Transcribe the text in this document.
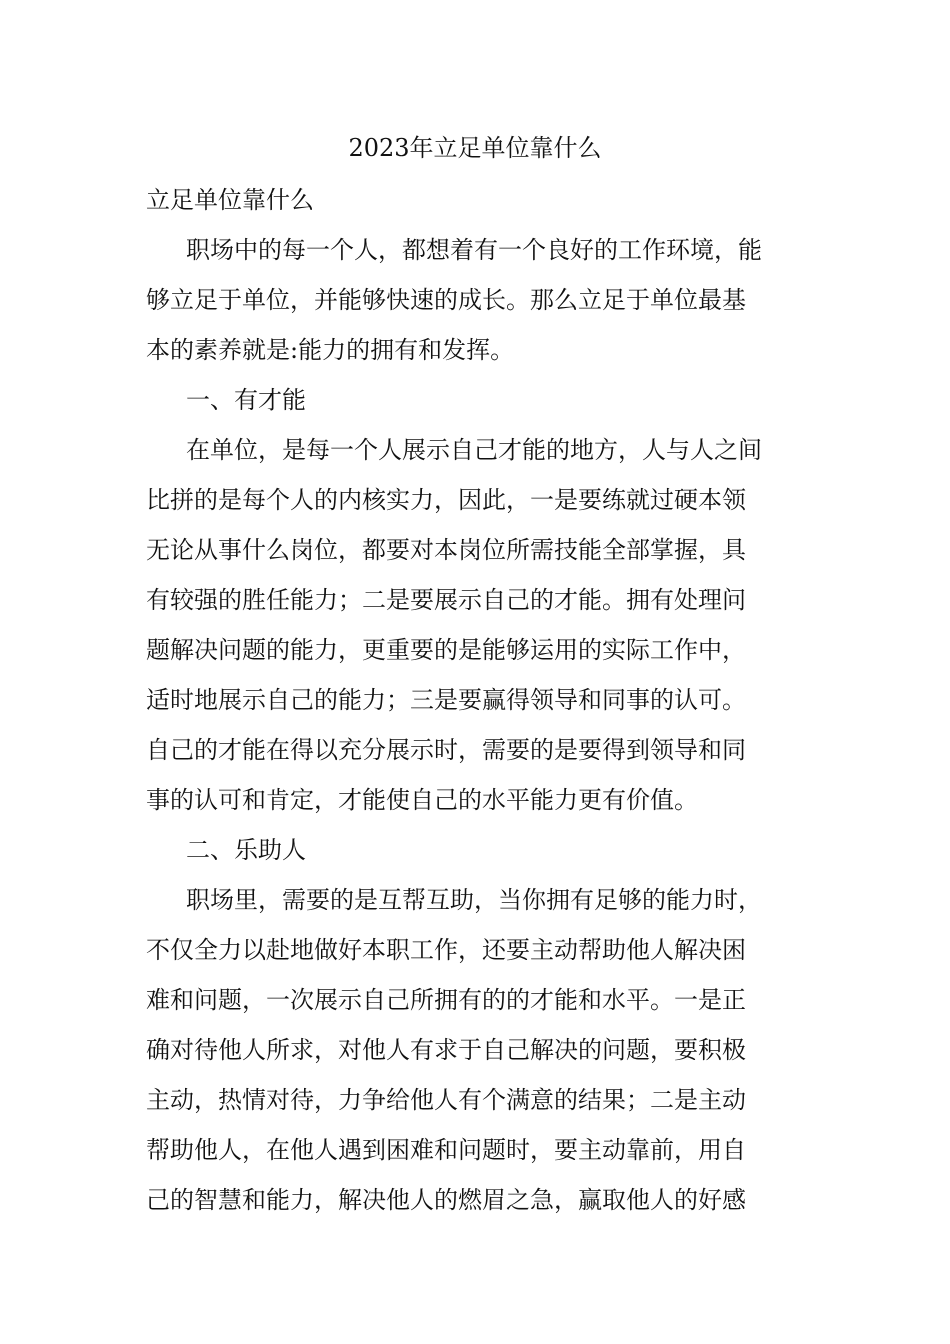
2023年立足单位靠什么

立足单位靠什么

职场中的每一个人，都想着有一个良好的工作环境，能

够立足于单位，并能够快速的成长。那么立足于单位最基

本的素养就是:能力的拥有和发挥。

一、有才能

在单位，是每一个人展示自己才能的地方，人与人之间

比拼的是每个人的内核实力，因此，一是要练就过硬本领

无论从事什么岗位，都要对本岗位所需技能全部掌握，具

有较强的胜任能力；二是要展示自己的才能。拥有处理问

题解决问题的能力，更重要的是能够运用的实际工作中，

适时地展示自己的能力；三是要赢得领导和同事的认可。

自己的才能在得以充分展示时，需要的是要得到领导和同

事的认可和肯定，才能使自己的水平能力更有价值。

二、乐助人

职场里，需要的是互帮互助，当你拥有足够的能力时，

不仅全力以赴地做好本职工作，还要主动帮助他人解决困

难和问题，一次展示自己所拥有的的才能和水平。一是正

确对待他人所求，对他人有求于自己解决的问题，要积极

主动，热情对待，力争给他人有个满意的结果；二是主动

帮助他人，在他人遇到困难和问题时，要主动靠前，用自

己的智慧和能力，解决他人的燃眉之急，赢取他人的好感
